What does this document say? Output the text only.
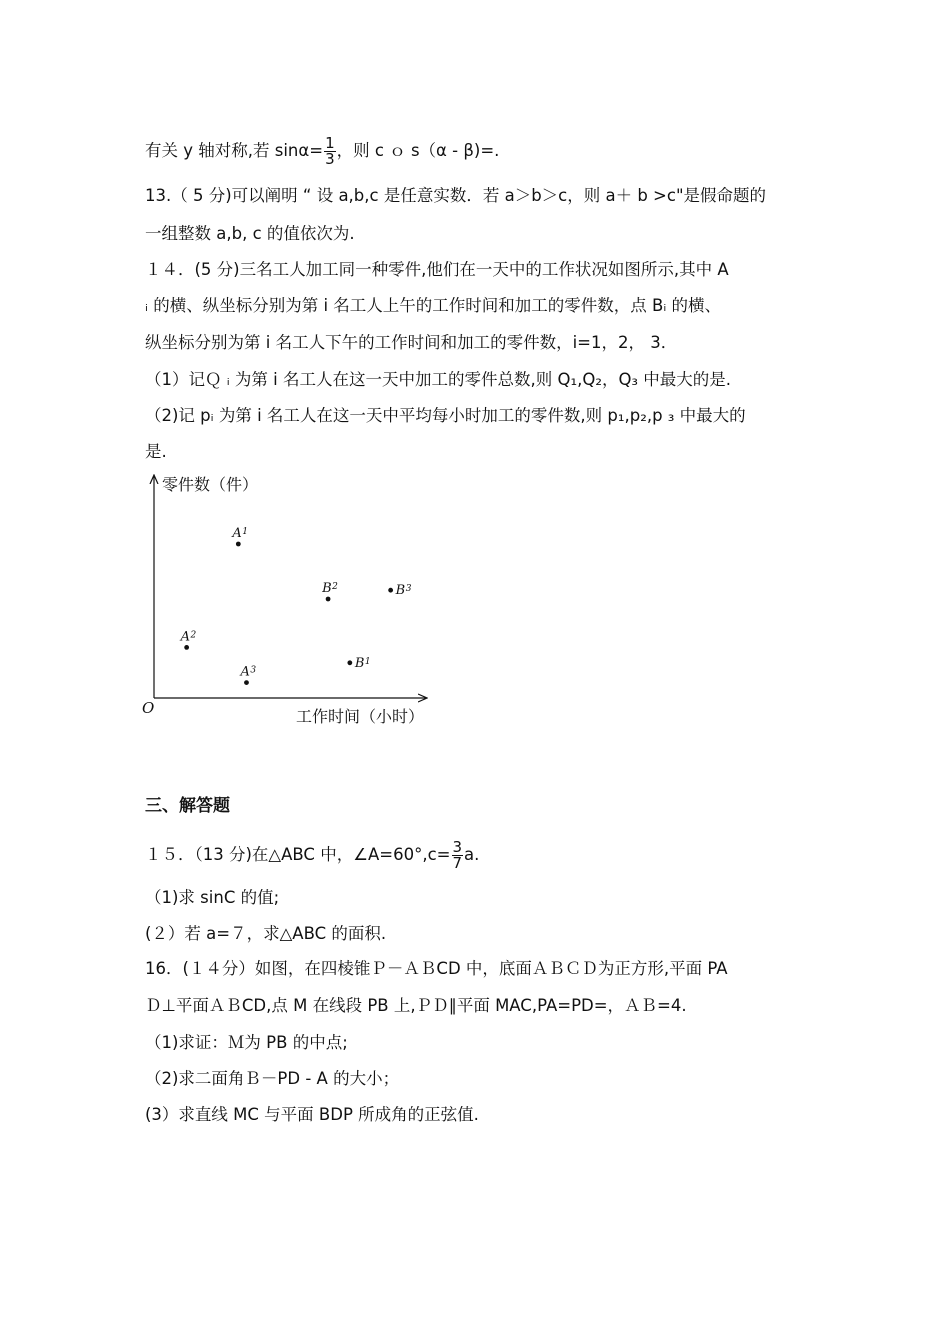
有关 y 轴对称,若 $\sin\alpha= \frac{1}{3}$ ，则 c ｏ s（α - β)=.
13.（ 5 分)可以阐明 “ 设 a,b,c 是任意实数．若 a＞b＞c，则 a＋ b >c"是假命题的
一组整数 a,b, c 的值依次为.
１４．(5 分)三名工人加工同一种零件,他们在一天中的工作状况如图所示,其中 A
ᵢ 的横、纵坐标分别为第 i 名工人上午的工作时间和加工的零件数，点 Bᵢ 的横、
纵坐标分别为第 i 名工人下午的工作时间和加工的零件数，i=1，2， 3．
（1）记Ｑ ᵢ 为第 i 名工人在这一天中加工的零件总数,则 Q₁,Q₂，Q₃ 中最大的是.
（2)记 pᵢ 为第 i 名工人在这一天中平均每小时加工的零件数,则 p₁,p₂,p ₃ 中最大的
是.
零件数（件）
工作时间（小时）
O
$A^1$
$A^2$
$A^3$	$B^1$
$B^2$	$B^3$
三、解答题
１５．（13 分)在△ABC 中，∠A=60°,c= $\frac{3}{7} a$.
（1)求 sinC 的值;
(２）若 a=７，求△ABC 的面积.
16．(１４分）如图，在四棱锥Ｐ－ＡＢCD 中，底面ＡＢＣＤ为正方形,平面 PA
Ｄ⊥平面ＡＢCD,点 M 在线段 PB 上,ＰＤ∥平面 MAC,PA=PD=，ＡＢ=4.
（1)求证：Ｍ为 PB 的中点;
（2)求二面角Ｂ－PD - A 的大小；
(3）求直线 MC 与平面 BDP 所成角的正弦值.
